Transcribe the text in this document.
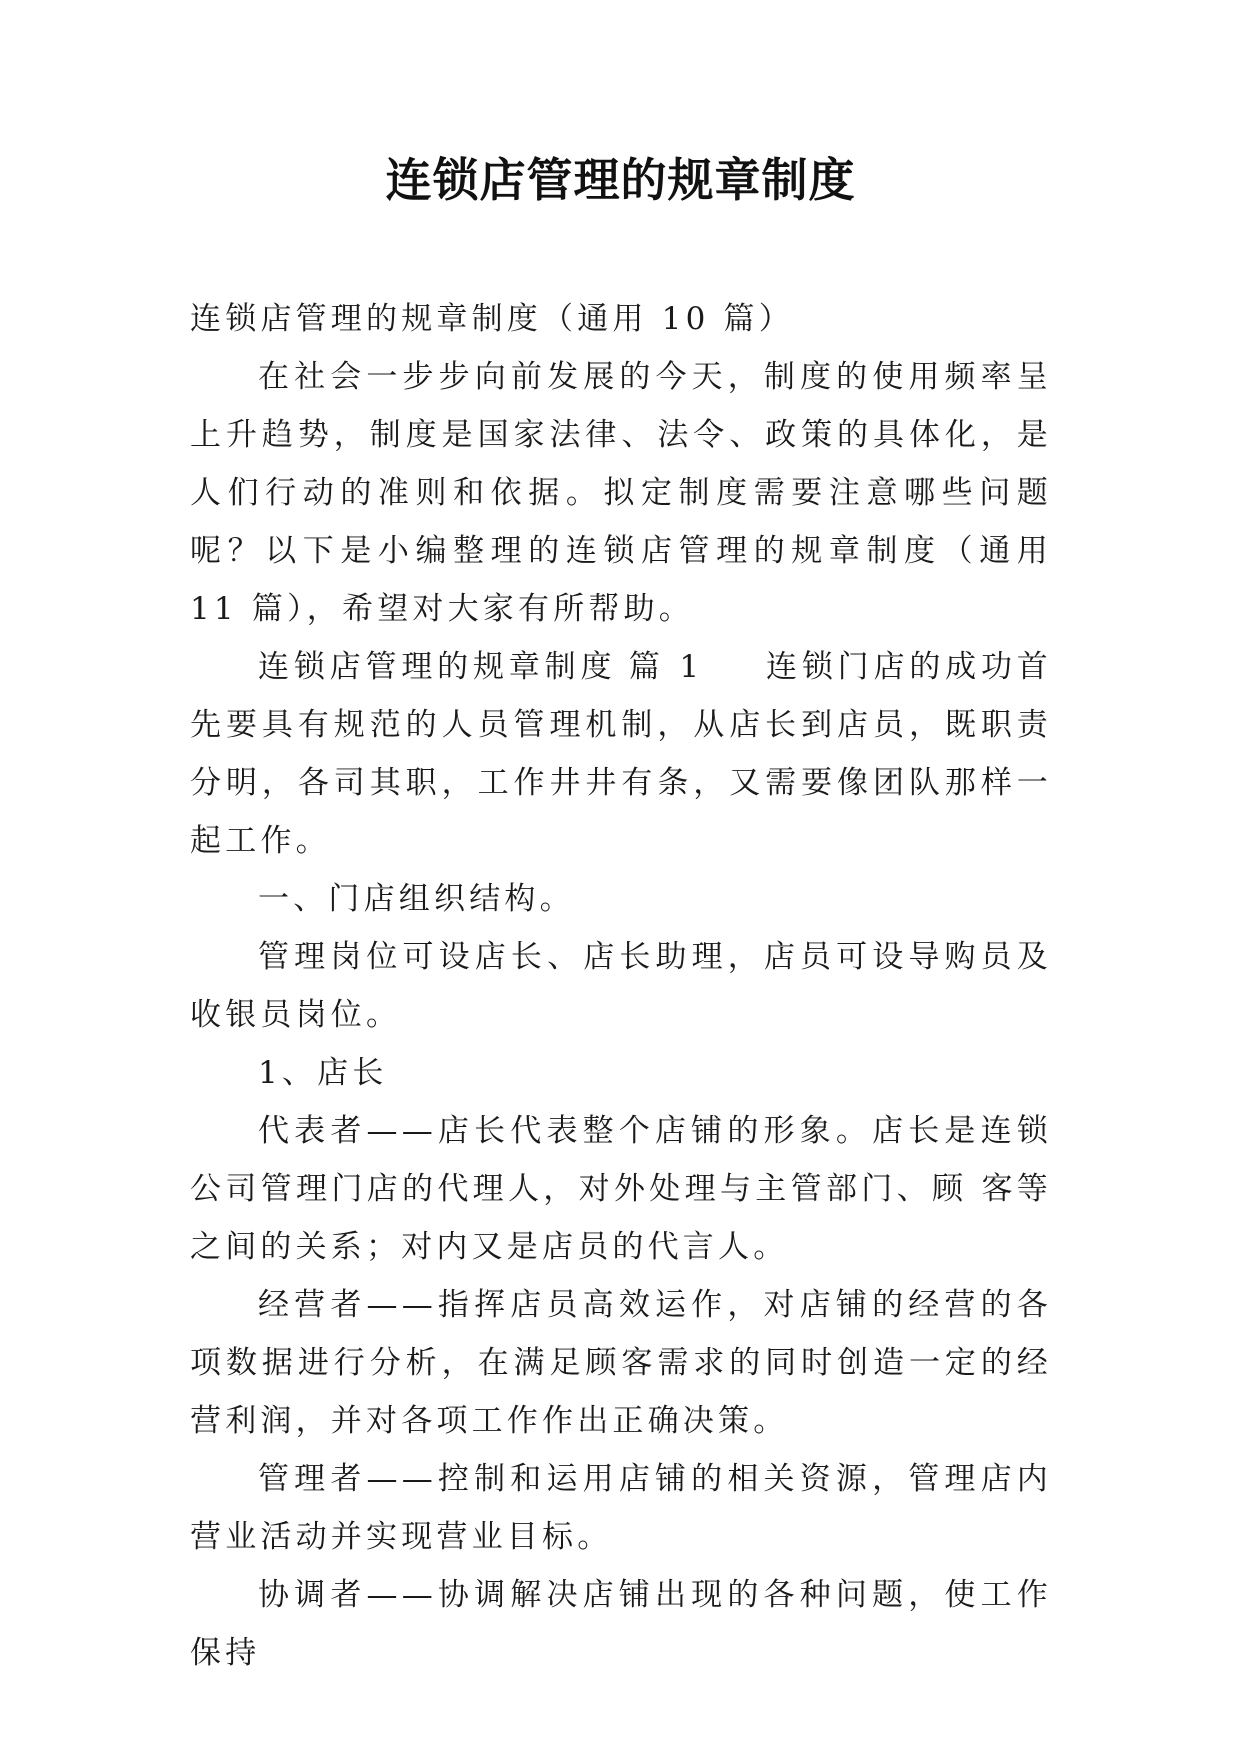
连锁店管理的规章制度

连锁店管理的规章制度（通用 10 篇）

在社会一步步向前发展的今天，制度的使用频率呈上升趋势，制度是国家法律、法令、政策的具体化，是人们行动的准则和依据。拟定制度需要注意哪些问题呢？以下是小编整理的连锁店管理的规章制度（通用 11 篇），希望对大家有所帮助。

连锁店管理的规章制度 篇 1 连锁门店的成功首先要具有规范的人员管理机制，从店长到店员，既职责分明，各司其职，工作井井有条，又需要像团队那样一起工作。

一、门店组织结构。

管理岗位可设店长、店长助理，店员可设导购员及收银员岗位。

1、店长

代表者——店长代表整个店铺的形象。店长是连锁公司管理门店的代理人，对外处理与主管部门、顾 客等之间的关系；对内又是店员的代言人。

经营者——指挥店员高效运作，对店铺的经营的各项数据进行分析，在满足顾客需求的同时创造一定的经营利润，并对各项工作作出正确决策。

管理者——控制和运用店铺的相关资源，管理店内营业活动并实现营业目标。

协调者——协调解决店铺出现的各种问题，使工作保持
